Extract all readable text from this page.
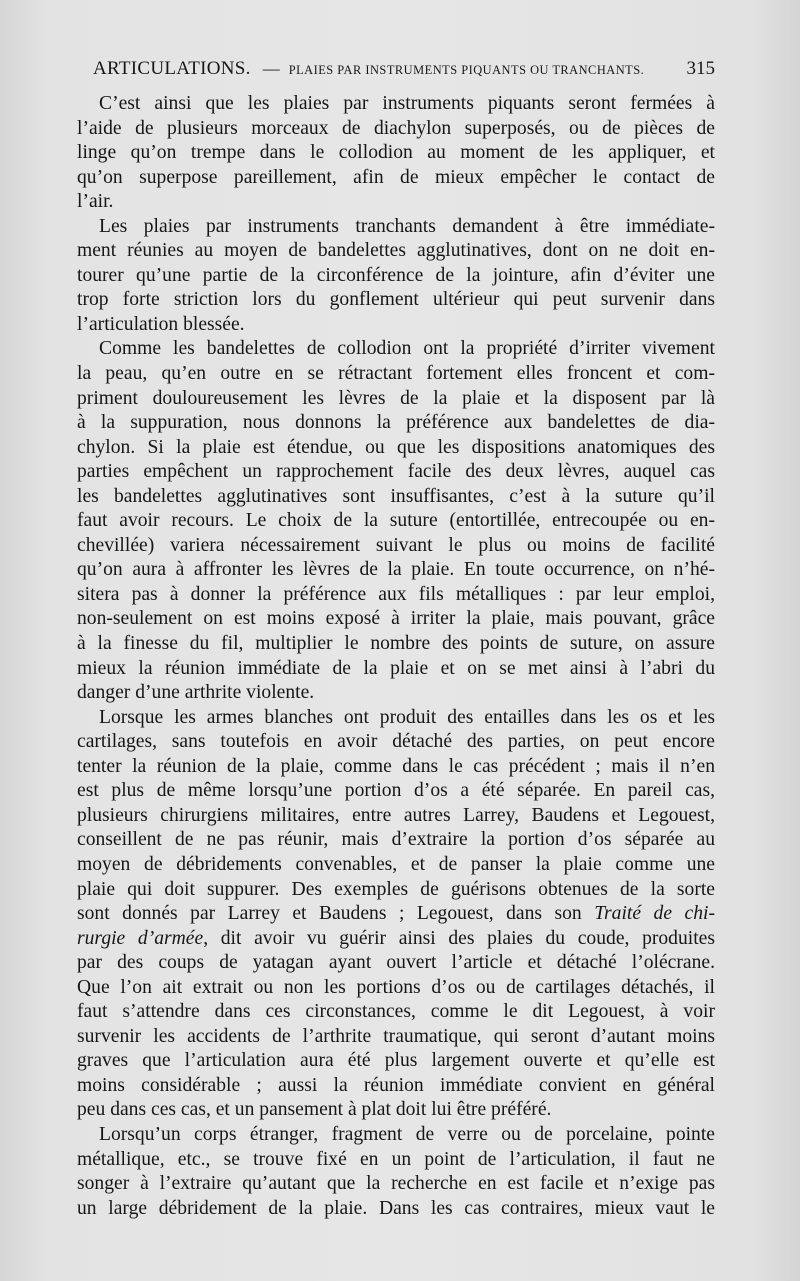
ARTICULATIONS. — PLAIES PAR INSTRUMENTS PIQUANTS OU TRANCHANTS. 315
C’est ainsi que les plaies par instruments piquants seront fermées à
l’aide de plusieurs morceaux de diachylon superposés, ou de pièces de
linge qu’on trempe dans le collodion au moment de les appliquer, et
qu’on superpose pareillement, afin de mieux empêcher le contact de
l’air.
Les plaies par instruments tranchants demandent à être immédiate-
ment réunies au moyen de bandelettes agglutinatives, dont on ne doit en-
tourer qu’une partie de la circonférence de la jointure, afin d’éviter une
trop forte striction lors du gonflement ultérieur qui peut survenir dans
l’articulation blessée.
Comme les bandelettes de collodion ont la propriété d’irriter vivement
la peau, qu’en outre en se rétractant fortement elles froncent et com-
priment douloureusement les lèvres de la plaie et la disposent par là
à la suppuration, nous donnons la préférence aux bandelettes de dia-
chylon. Si la plaie est étendue, ou que les dispositions anatomiques des
parties empêchent un rapprochement facile des deux lèvres, auquel cas
les bandelettes agglutinatives sont insuffisantes, c’est à la suture qu’il
faut avoir recours. Le choix de la suture (entortillée, entrecoupée ou en-
chevillée) variera nécessairement suivant le plus ou moins de facilité
qu’on aura à affronter les lèvres de la plaie. En toute occurrence, on n’hé-
sitera pas à donner la préférence aux fils métalliques : par leur emploi,
non-seulement on est moins exposé à irriter la plaie, mais pouvant, grâce
à la finesse du fil, multiplier le nombre des points de suture, on assure
mieux la réunion immédiate de la plaie et on se met ainsi à l’abri du
danger d’une arthrite violente.
Lorsque les armes blanches ont produit des entailles dans les os et les
cartilages, sans toutefois en avoir détaché des parties, on peut encore
tenter la réunion de la plaie, comme dans le cas précédent ; mais il n’en
est plus de même lorsqu’une portion d’os a été séparée. En pareil cas,
plusieurs chirurgiens militaires, entre autres Larrey, Baudens et Legouest,
conseillent de ne pas réunir, mais d’extraire la portion d’os séparée au
moyen de débridements convenables, et de panser la plaie comme une
plaie qui doit suppurer. Des exemples de guérisons obtenues de la sorte
sont donnés par Larrey et Baudens ; Legouest, dans son Traité de chi-
rurgie d’armée, dit avoir vu guérir ainsi des plaies du coude, produites
par des coups de yatagan ayant ouvert l’article et détaché l’olécrane.
Que l’on ait extrait ou non les portions d’os ou de cartilages détachés, il
faut s’attendre dans ces circonstances, comme le dit Legouest, à voir
survenir les accidents de l’arthrite traumatique, qui seront d’autant moins
graves que l’articulation aura été plus largement ouverte et qu’elle est
moins considérable ; aussi la réunion immédiate convient en général
peu dans ces cas, et un pansement à plat doit lui être préféré.
Lorsqu’un corps étranger, fragment de verre ou de porcelaine, pointe
métallique, etc., se trouve fixé en un point de l’articulation, il faut ne
songer à l’extraire qu’autant que la recherche en est facile et n’exige pas
un large débridement de la plaie. Dans les cas contraires, mieux vaut le
